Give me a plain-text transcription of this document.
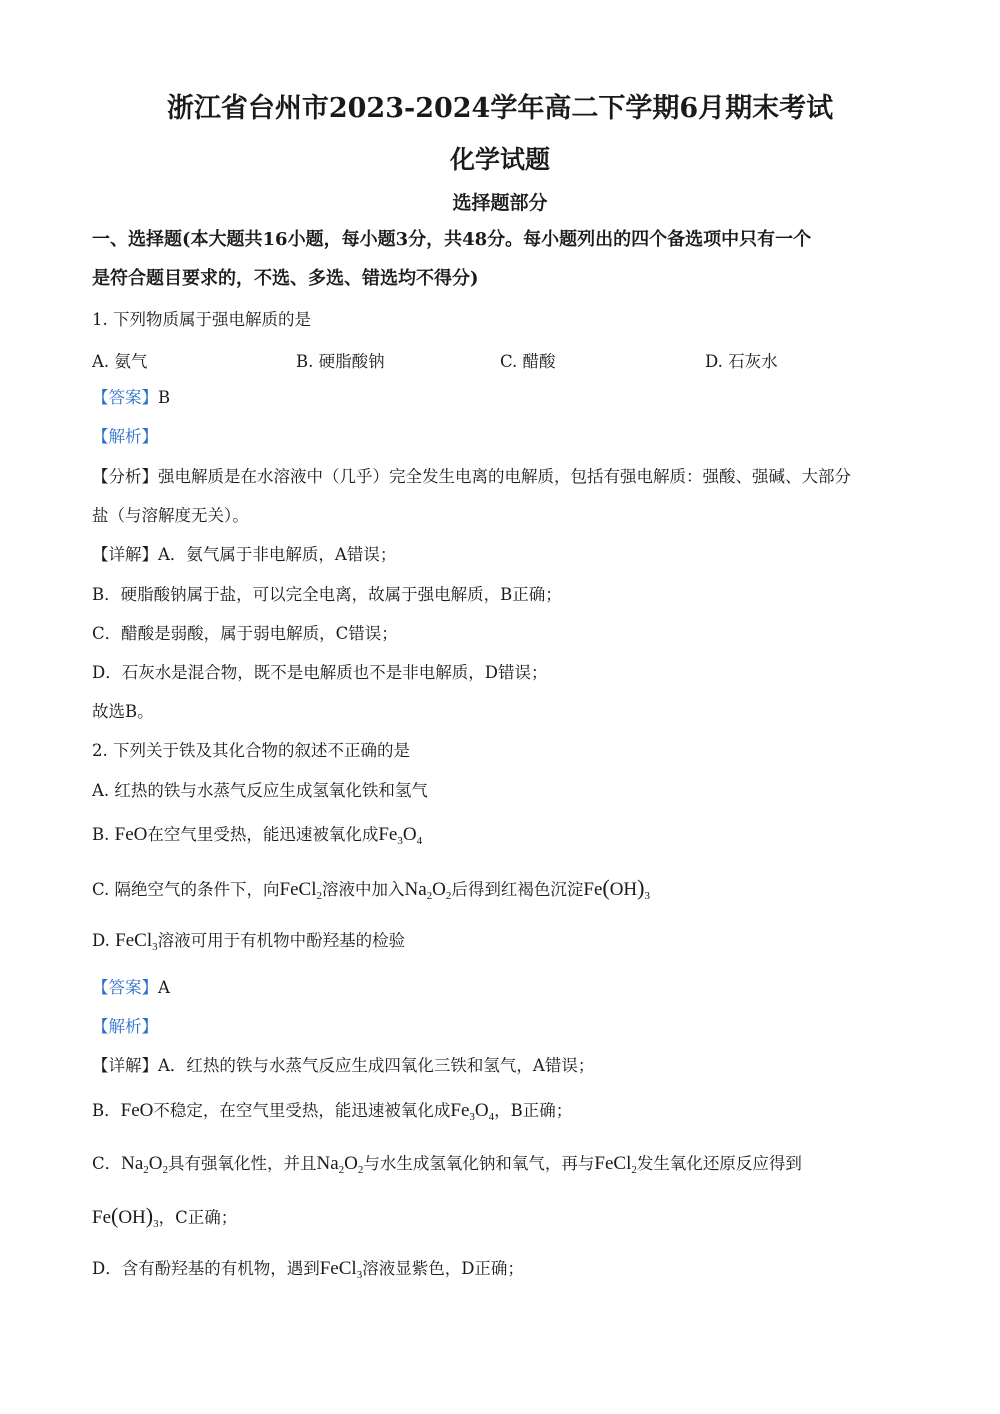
浙江省台州市2023-2024学年高二下学期6月期末考试
化学试题
选择题部分
一、选择题(本大题共16小题，每小题3分，共48分。每小题列出的四个备选项中只有一个
是符合题目要求的，不选、多选、错选均不得分)
1. 下列物质属于强电解质的是
A. 氨气	B. 硬脂酸钠	C. 醋酸	D. 石灰水
【答案】B
【解析】
【分析】强电解质是在水溶液中（几乎）完全发生电离的电解质，包括有强电解质：强酸、强碱、大部分
盐（与溶解度无关）。
【详解】A．氨气属于非电解质，A错误；
B．硬脂酸钠属于盐，可以完全电离，故属于强电解质，B正确；
C．醋酸是弱酸，属于弱电解质，C错误；
D．石灰水是混合物，既不是电解质也不是非电解质，D错误；
故选B。
2. 下列关于铁及其化合物的叙述不正确的是
A. 红热的铁与水蒸气反应生成氢氧化铁和氢气
B. FeO在空气里受热，能迅速被氧化成$Fe_3O_4$
C. 隔绝空气的条件下，向FeCl$_2$溶液中加入$Na_2O_2$后得到红褐色沉淀$Fe(OH)_3$
D. FeCl$_3$溶液可用于有机物中酚羟基的检验
【答案】A
【解析】
【详解】A．红热的铁与水蒸气反应生成四氧化三铁和氢气，A错误；
B．FeO不稳定，在空气里受热，能迅速被氧化成$Fe_3O_4$，B正确；
C．$Na_2O_2$具有强氧化性，并且$Na_2O_2$与水生成氢氧化钠和氧气，再与FeCl$_2$发生氧化还原反应得到
$Fe(OH)_3$，C正确；
D．含有酚羟基的有机物，遇到FeCl$_3$溶液显紫色，D正确；
